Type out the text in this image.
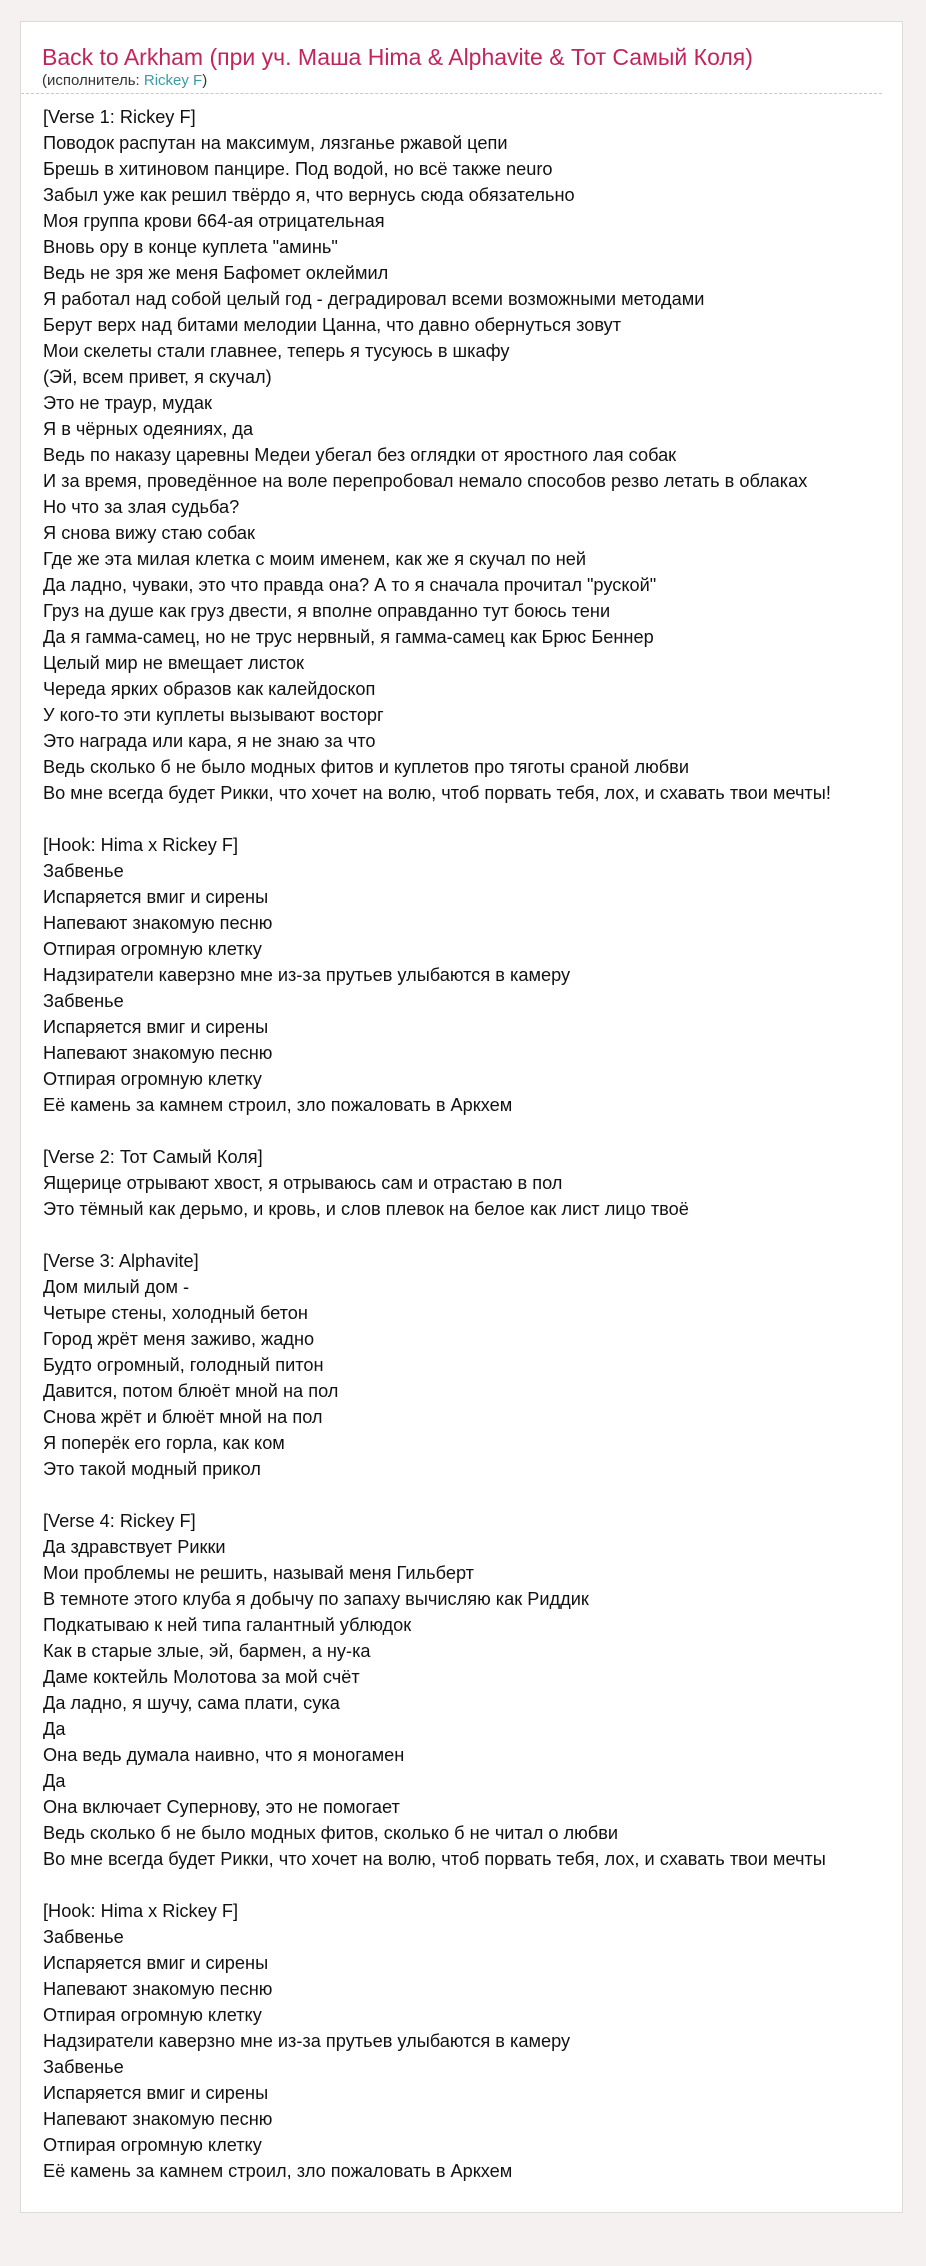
Back to Arkham (при уч. Маша Hima & Alphavite & Тот Самый Коля)
(исполнитель: Rickey F)
[Verse 1: Rickey F]
Поводок распутан на максимум, лязганье ржавой цепи
Брешь в хитиновом панцире. Под водой, но всё также neuro
Забыл уже как решил твёрдо я, что вернусь сюда обязательно
Моя группа крови 664-ая отрицательная
Вновь ору в конце куплета "аминь"
Ведь не зря же меня Бафомет оклеймил
Я работал над собой целый год - деградировал всеми возможными методами
Берут верх над битами мелодии Цанна, что давно обернуться зовут
Мои скелеты стали главнее, теперь я тусуюсь в шкафу
(Эй, всем привет, я скучал)
Это не траур, мудак
Я в чёрных одеяниях, да
Ведь по наказу царевны Медеи убегал без оглядки от яростного лая собак
И за время, проведённое на воле перепробовал немало способов резво летать в облаках
Но что за злая судьба?
Я снова вижу стаю собак
Где же эта милая клетка с моим именем, как же я скучал по ней
Да ладно, чуваки, это что правда она? А то я сначала прочитал "руской"
Груз на душе как груз двести, я вполне оправданно тут боюсь тени
Да я гамма-самец, но не трус нервный, я гамма-самец как Брюс Беннер
Целый мир не вмещает листок
Череда ярких образов как калейдоскоп
У кого-то эти куплеты вызывают восторг
Это награда или кара, я не знаю за что
Ведь сколько б не было модных фитов и куплетов про тяготы сраной любви
Во мне всегда будет Рикки, что хочет на волю, чтоб порвать тебя, лох, и схавать твои мечты!
[Hook: Hima x Rickey F]
Забвенье
Испаряется вмиг и сирены
Напевают знакомую песню
Отпирая огромную клетку
Надзиратели каверзно мне из-за прутьев улыбаются в камеру
Забвенье
Испаряется вмиг и сирены
Напевают знакомую песню
Отпирая огромную клетку
Её камень за камнем строил, зло пожаловать в Аркхем
[Verse 2: Тот Самый Коля]
Ящерице отрывают хвост, я отрываюсь сам и отрастаю в пол
Это тёмный как дерьмо, и кровь, и слов плевок на белое как лист лицо твоё
[Verse 3: Alphavite]
Дом милый дом -
Четыре стены, холодный бетон
Город жрёт меня заживо, жадно
Будто огромный, голодный питон
Давится, потом блюёт мной на пол
Снова жрёт и блюёт мной на пол
Я поперёк его горла, как ком
Это такой модный прикол
[Verse 4: Rickey F]
Да здравствует Рикки
Мои проблемы не решить, называй меня Гильберт
В темноте этого клуба я добычу по запаху вычисляю как Риддик
Подкатываю к ней типа галантный ублюдок
Как в старые злые, эй, бармен, а ну-ка
Даме коктейль Молотова за мой счёт
Да ладно, я шучу, сама плати, сука
Да
Она ведь думала наивно, что я моногамен
Да
Она включает Супернову, это не помогает
Ведь сколько б не было модных фитов, сколько б не читал о любви
Во мне всегда будет Рикки, что хочет на волю, чтоб порвать тебя, лох, и схавать твои мечты
[Hook: Hima x Rickey F]
Забвенье
Испаряется вмиг и сирены
Напевают знакомую песню
Отпирая огромную клетку
Надзиратели каверзно мне из-за прутьев улыбаются в камеру
Забвенье
Испаряется вмиг и сирены
Напевают знакомую песню
Отпирая огромную клетку
Её камень за камнем строил, зло пожаловать в Аркхем
